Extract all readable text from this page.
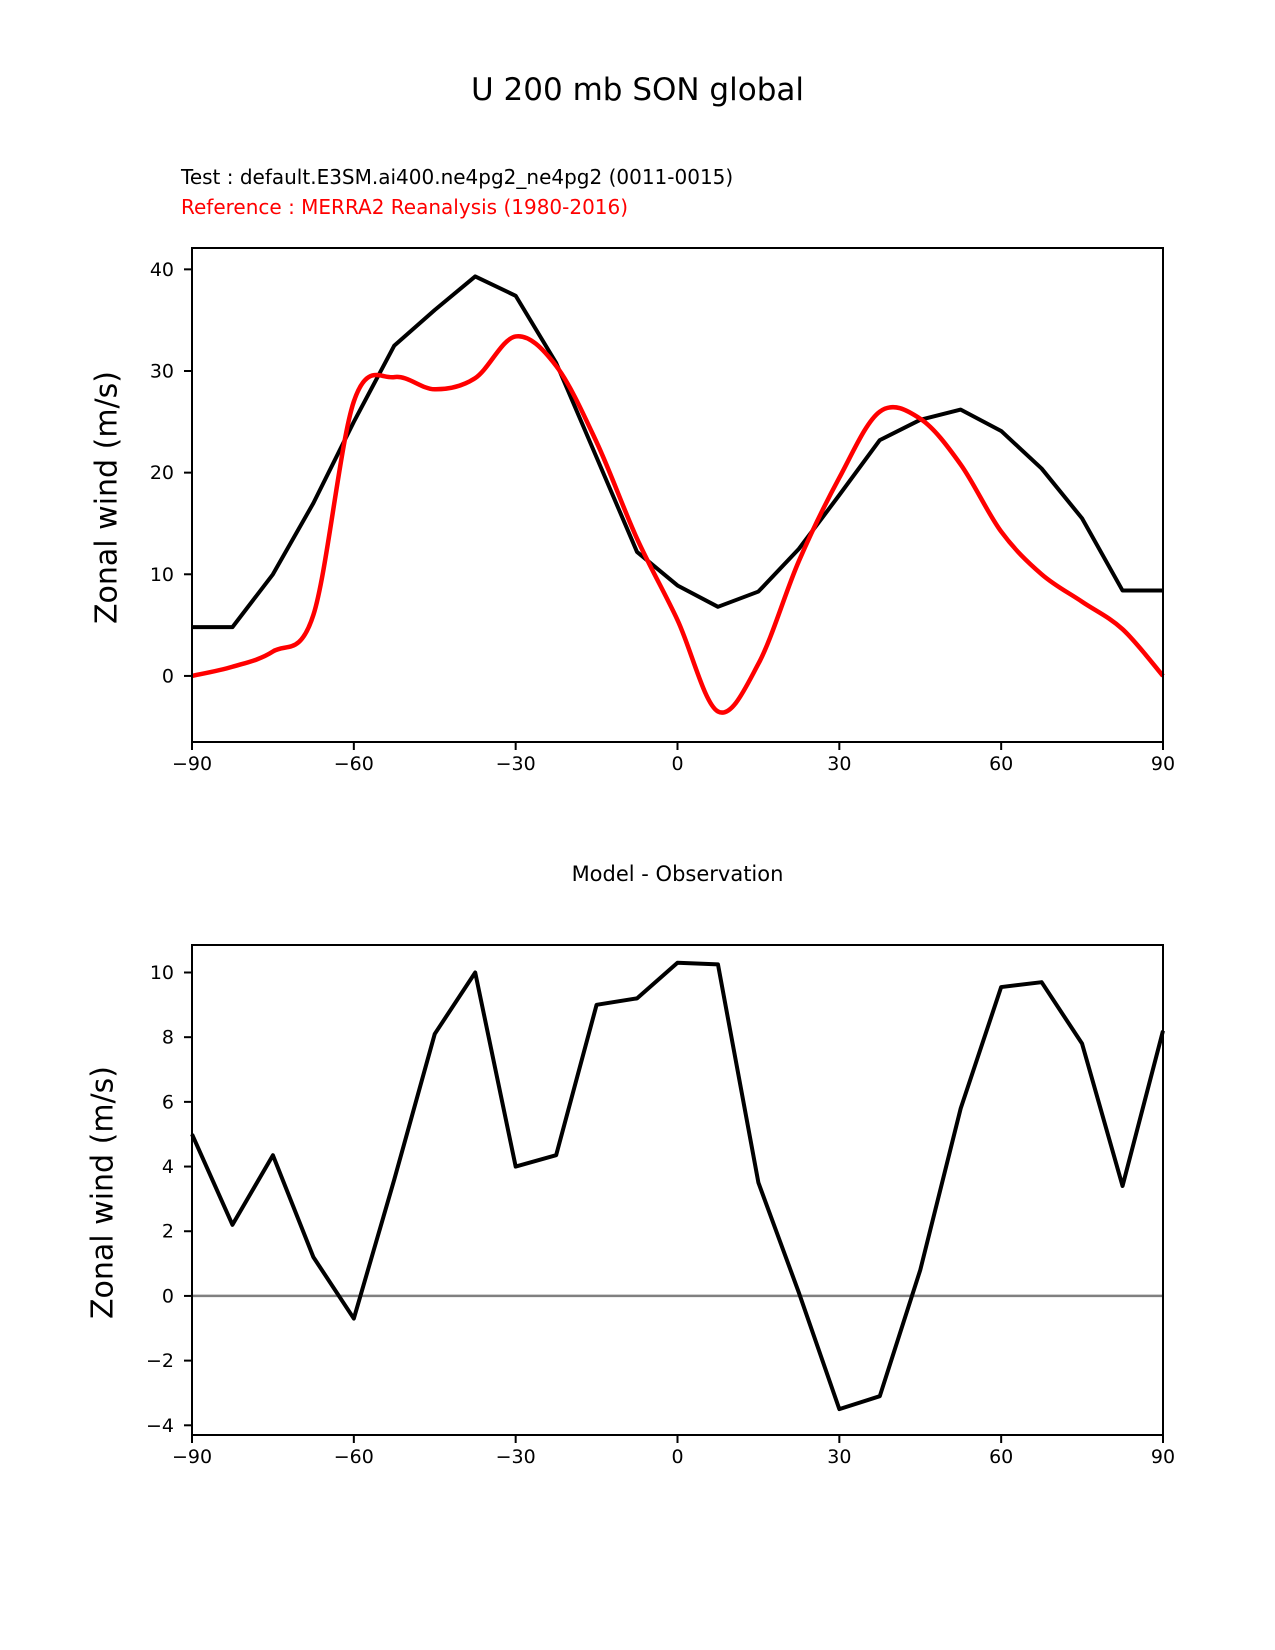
U 200 mb SON global
Test : default.E3SM.ai400.ne4pg2_ne4pg2 (0011-0015)
Reference : MERRA2 Reanalysis (1980-2016)
Zonal wind (m/s)
Model - Observation
Zonal wind (m/s)
−90	−60	−30	0	30	60	90
0
10
20
30
40
−90	−60	−30	0	30	60	90
−4
−2
0
2
4
6
8
10
